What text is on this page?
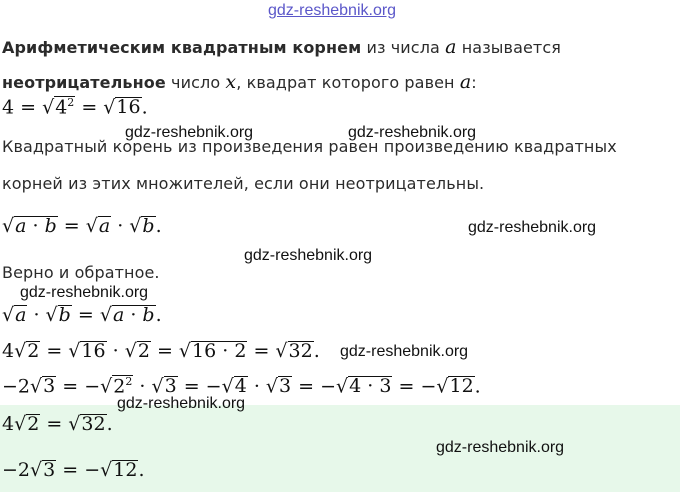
gdz-reshebnik.org
Арифметическим квадратным корнем из числа a называется
неотрицательное число x, квадрат которого равен a:
$4 = √4^2 = √16$.
gdz-reshebnik.org	gdz-reshebnik.org
Квадратный корень из произведения равен произведению квадратных
корней из этих множителей, если они неотрицательны.
√a · b = √a · √b.	gdz-reshebnik.org
gdz-reshebnik.org
Верно и обратное.
gdz-reshebnik.org
√a · √b = √a · b.
4√2 = √16 · √2 = √16 · 2 = √32. gdz-reshebnik.org
$-2√3 = -√2^2 \cdot √3 = -√4 \cdot √3 = -√4 \cdot 3 = -√12$.
gdz-reshebnik.org
4√2 = √32.
gdz-reshebnik.org
−2√3 = −√12.
